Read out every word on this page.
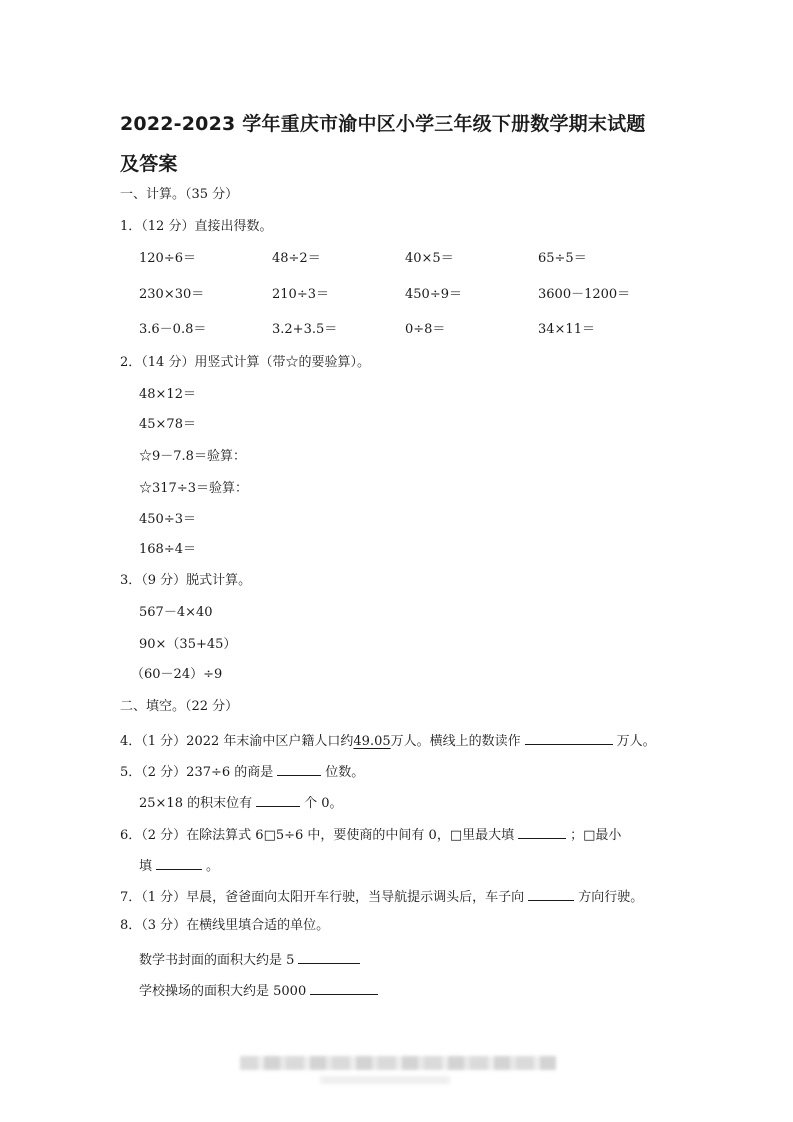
2022-2023 学年重庆市渝中区小学三年级下册数学期末试题
及答案
一、计算。（35 分）
1．（12 分）直接出得数。
120÷6＝	48÷2＝	40×5＝	65÷5＝
230×30＝	210÷3＝	450÷9＝	3600－1200＝
3.6－0.8＝	3.2+3.5＝	0÷8＝	34×11＝
2．（14 分）用竖式计算（带☆的要验算）。
48×12＝
45×78＝
☆9－7.8＝验算：
☆317÷3＝验算：
450÷3＝
168÷4＝
3．（9 分）脱式计算。
567－4×40
90×（35+45）
（60－24）÷9
二、填空。（22 分）
4．（1 分）2022 年末渝中区户籍人口约49.05万人。横线上的数读作	万人。
5．（2 分）237÷6 的商是	位数。
25×18 的积末位有	个 0。
6．（2 分）在除法算式 6□5÷6 中，要使商的中间有 0，□里最大填	；□最小
填	。
7．（1 分）早晨，爸爸面向太阳开车行驶，当导航提示调头后，车子向	方向行驶。
8．（3 分）在横线里填合适的单位。
数学书封面的面积大约是 5
学校操场的面积大约是 5000
